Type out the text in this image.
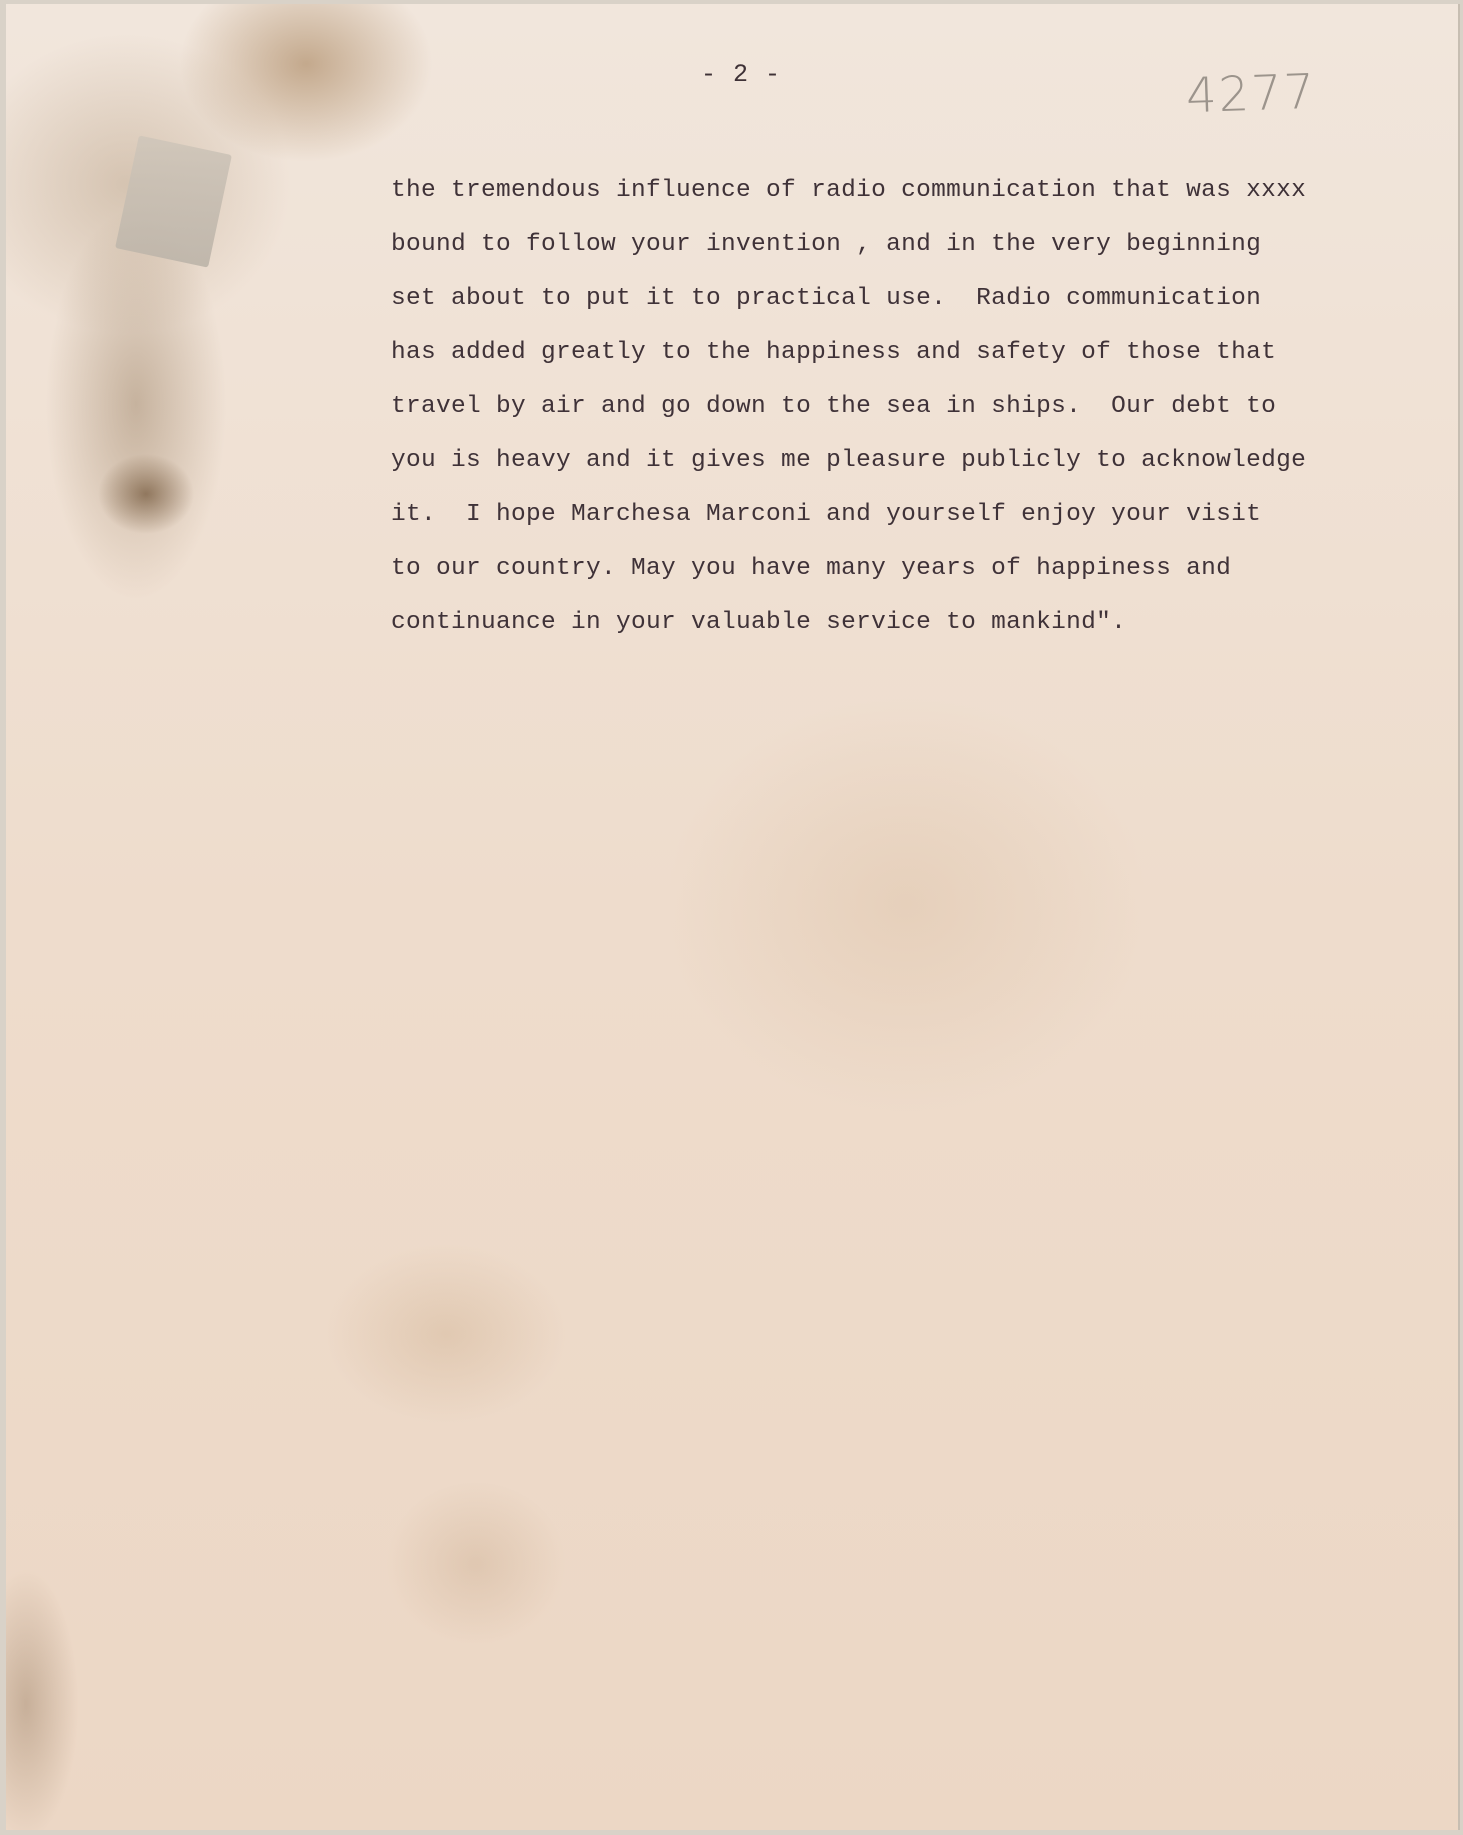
- 2 -	4277
the tremendous influence of radio communication that was xxxx
bound to follow your invention , and in the very beginning
set about to put it to practical use.  Radio communication
has added greatly to the happiness and safety of those that
travel by air and go down to the sea in ships.  Our debt to
you is heavy and it gives me pleasure publicly to acknowledge
it.  I hope Marchesa Marconi and yourself enjoy your visit
to our country. May you have many years of happiness and
continuance in your valuable service to mankind".
